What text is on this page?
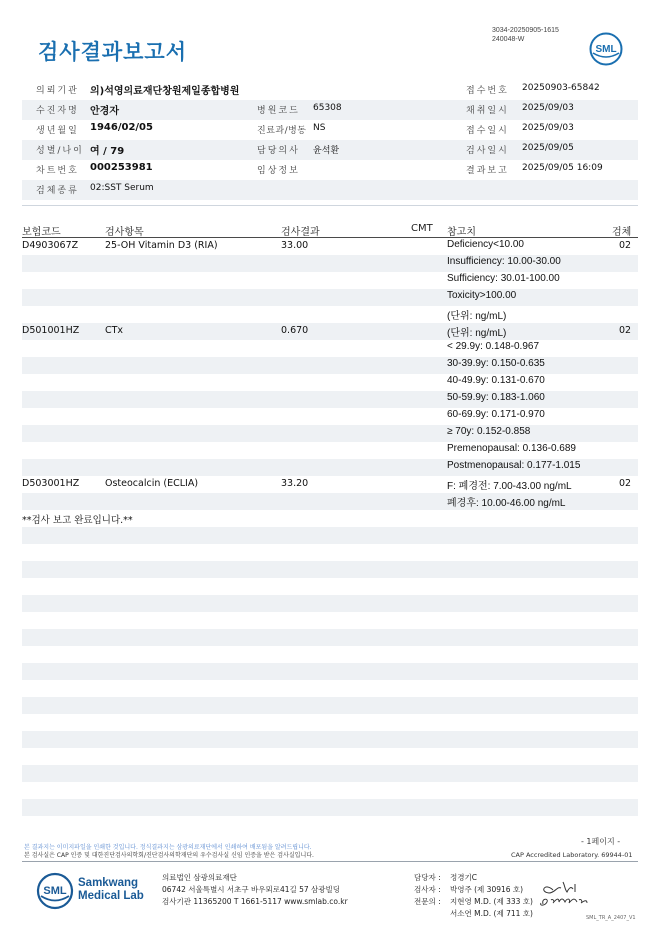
3034-20250905-1615
240048-W
검사결과보고서	SML
의뢰기관 의)석영의료재단창원제일종합병원	접수번호 20250903-65842
수진자명 안경자	병원코드 65308	채취일시 2025/09/03
생년월일 1946/02/05	진료과/병동 NS	접수일시 2025/09/03
성별/나이 여 / 79	담당의사 윤석환	검사일시 2025/09/05
차트번호 000253981	임상정보	결과보고 2025/09/05 16:09
검체종류 02:SST Serum
보험코드	검사항목	검사결과	CMT 참고치	검체
D4903067Z	25-OH Vitamin D3 (RIA)	33.00	Deficiency<10.00	02
Insufficiency: 10.00-30.00
Sufficiency: 30.01-100.00
Toxicity>100.00
(단위: ng/mL)
D501001HZ	CTx	0.670	(단위: ng/mL)	02
< 29.9y: 0.148-0.967
30-39.9y: 0.150-0.635
40-49.9y: 0.131-0.670
50-59.9y: 0.183-1.060
60-69.9y: 0.171-0.970
≥ 70y: 0.152-0.858
Premenopausal: 0.136-0.689
Postmenopausal: 0.177-1.015
D503001HZ	Osteocalcin (ECLIA)	33.20	F: 폐경전: 7.00-43.00 ng/mL	02
폐경후: 10.00-46.00 ng/mL
**검사 보고 완료입니다.**
- 1페이지 -
본 결과지는 이미지파일을 인쇄한 것입니다. 정식결과지는 삼광의료재단에서 인쇄하여 배포됨을 알려드립니다.
본 검사실은 CAP 인증 및 대한진단검사의학회/진단검사의학재단의 우수검사실 신임 인증을 받은 검사실입니다.	CAP Accredited Laboratory. 69944-01
SML
Samkwang
Medical Lab
의료법인 삼광의료재단
06742 서울특별시 서초구 바우뫼로41길 57 삼광빌딩
검사기관 11365200 T 1661-5117 www.smlab.co.kr
담당자 : 정경기C
검사자 : 박영주 (제 30916 호)
전문의 : 지현영 M.D. (제 333 호)
서소연 M.D. (제 711 호)	SML_TR_A_2407_V1
